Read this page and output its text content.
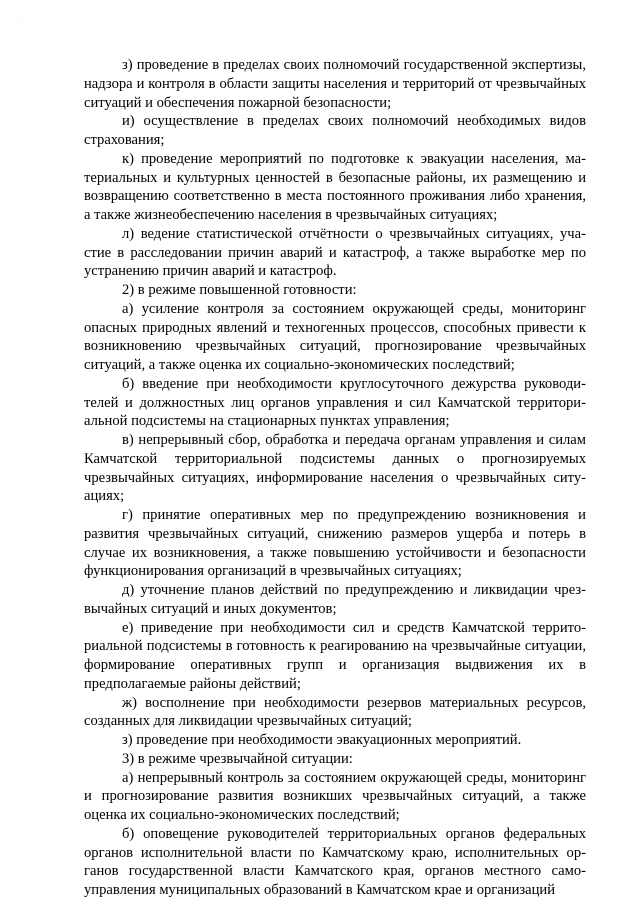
˙ · .

з) проведение в пределах своих полномочий государственной экспертизы, надзора и контроля в области защиты населения и территорий от чрезвычайных ситуаций и обеспечения пожарной безопасности;

и) осуществление в пределах своих полномочий необходимых видов страхования;

к) проведение мероприятий по подготовке к эвакуации населения, материальных и культурных ценностей в безопасные районы, их размещению и возвращению соответственно в места постоянного проживания либо хранения, а также жизнеобеспечению населения в чрезвычайных ситуациях;

л) ведение статистической отчётности о чрезвычайных ситуациях, участие в расследовании причин аварий и катастроф, а также выработке мер по устранению причин аварий и катастроф.

2) в режиме повышенной готовности:

а) усиление контроля за состоянием окружающей среды, мониторинг опасных природных явлений и техногенных процессов, способных привести к возникновению чрезвычайных ситуаций, прогнозирование чрезвычайных ситуаций, а также оценка их социально-экономических последствий;

б) введение при необходимости круглосуточного дежурства руководителей и должностных лиц органов управления и сил Камчатской территориальной подсистемы на стационарных пунктах управления;

в) непрерывный сбор, обработка и передача органам управления и силам Камчатской территориальной подсистемы данных о прогнозируемых чрезвычайных ситуациях, информирование населения о чрезвычайных ситуациях;

г) принятие оперативных мер по предупреждению возникновения и развития чрезвычайных ситуаций, снижению размеров ущерба и потерь в случае их возникновения, а также повышению устойчивости и безопасности функционирования организаций в чрезвычайных ситуациях;

д) уточнение планов действий по предупреждению и ликвидации чрезвычайных ситуаций и иных документов;

е) приведение при необходимости сил и средств Камчатской территориальной подсистемы в готовность к реагированию на чрезвычайные ситуации, формирование оперативных групп и организация выдвижения их в предполагаемые районы действий;

ж) восполнение при необходимости резервов материальных ресурсов, созданных для ликвидации чрезвычайных ситуаций;

з) проведение при необходимости эвакуационных мероприятий.

3) в режиме чрезвычайной ситуации:

а) непрерывный контроль за состоянием окружающей среды, мониторинг и прогнозирование развития возникших чрезвычайных ситуаций, а также оценка их социально-экономических последствий;

б) оповещение руководителей территориальных органов федеральных органов исполнительной власти по Камчатскому краю, исполнительных органов государственной власти Камчатского края, органов местного самоуправления муниципальных образований в Камчатском крае и организаций
